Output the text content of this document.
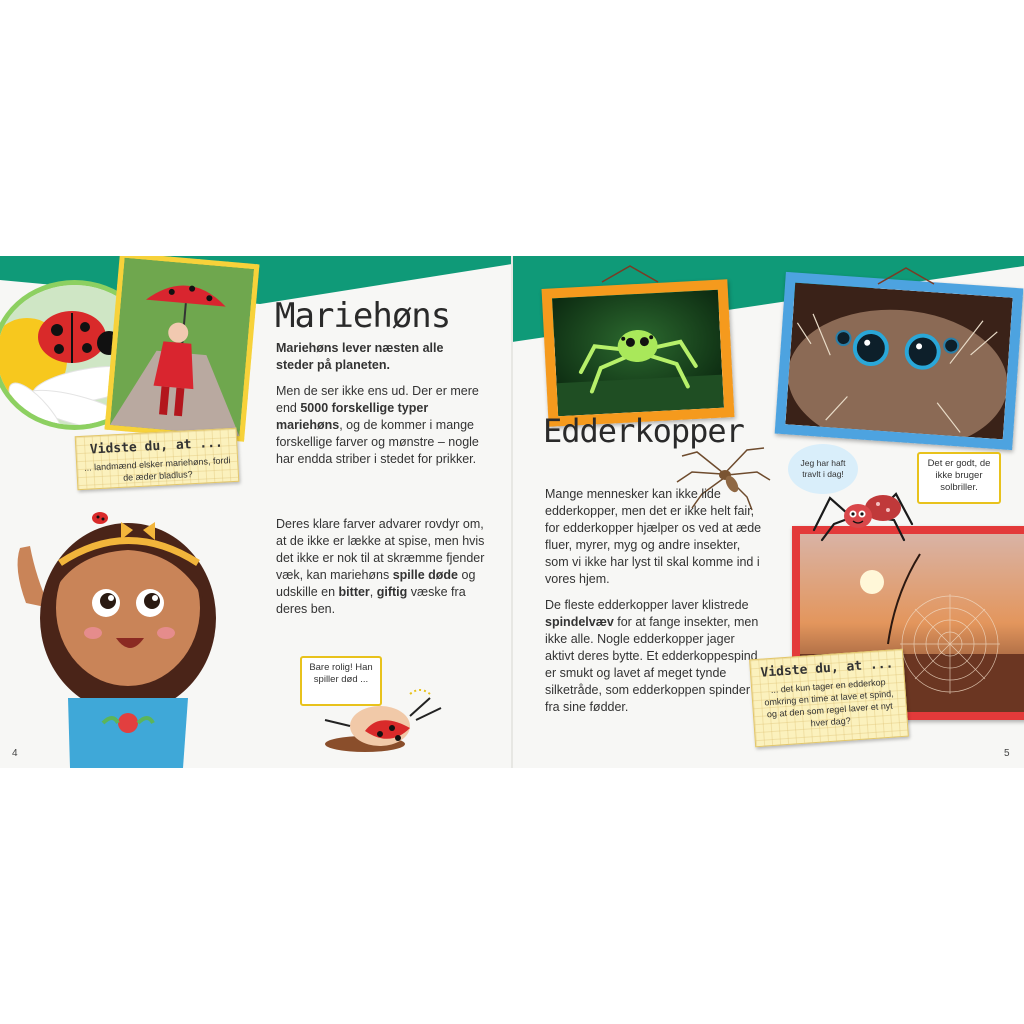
Mariehøns

Mariehøns lever næsten alle steder på planeten.

Men de ser ikke ens ud. Der er mere end 5000 forskellige typer mariehøns, og de kommer i mange forskellige farver og mønstre – nogle har endda striber i stedet for prikker.

Deres klare farver advarer rovdyr om, at de ikke er lække at spise, men hvis det ikke er nok til at skræmme fjender væk, kan mariehøns spille døde og udskille en bitter, giftig væske fra deres ben.

Vidste du, at ...
... landmænd elsker mariehøns, fordi de æder bladlus?
Bare rolig! Han spiller død ...
4
Edderkopper

Mange mennesker kan ikke lide edderkopper, men det er ikke helt fair, for edderkopper hjælper os ved at æde fluer, myrer, myg og andre insekter, som vi ikke har lyst til skal komme ind i vores hjem.

De fleste edderkopper laver klistrede spindelvæv for at fange insekter, men ikke alle. Nogle edderkopper jager aktivt deres bytte. Et edderkoppespind er smukt og lavet af meget tynde silketråde, som edderkoppen spinder fra sine fødder.

Jeg har haft travlt i dag!
Det er godt, de ikke bruger solbriller.
Vidste du, at ...
... det kun tager en edderkop omkring en time at lave et spind, og at den som regel laver et nyt hver dag?
5
